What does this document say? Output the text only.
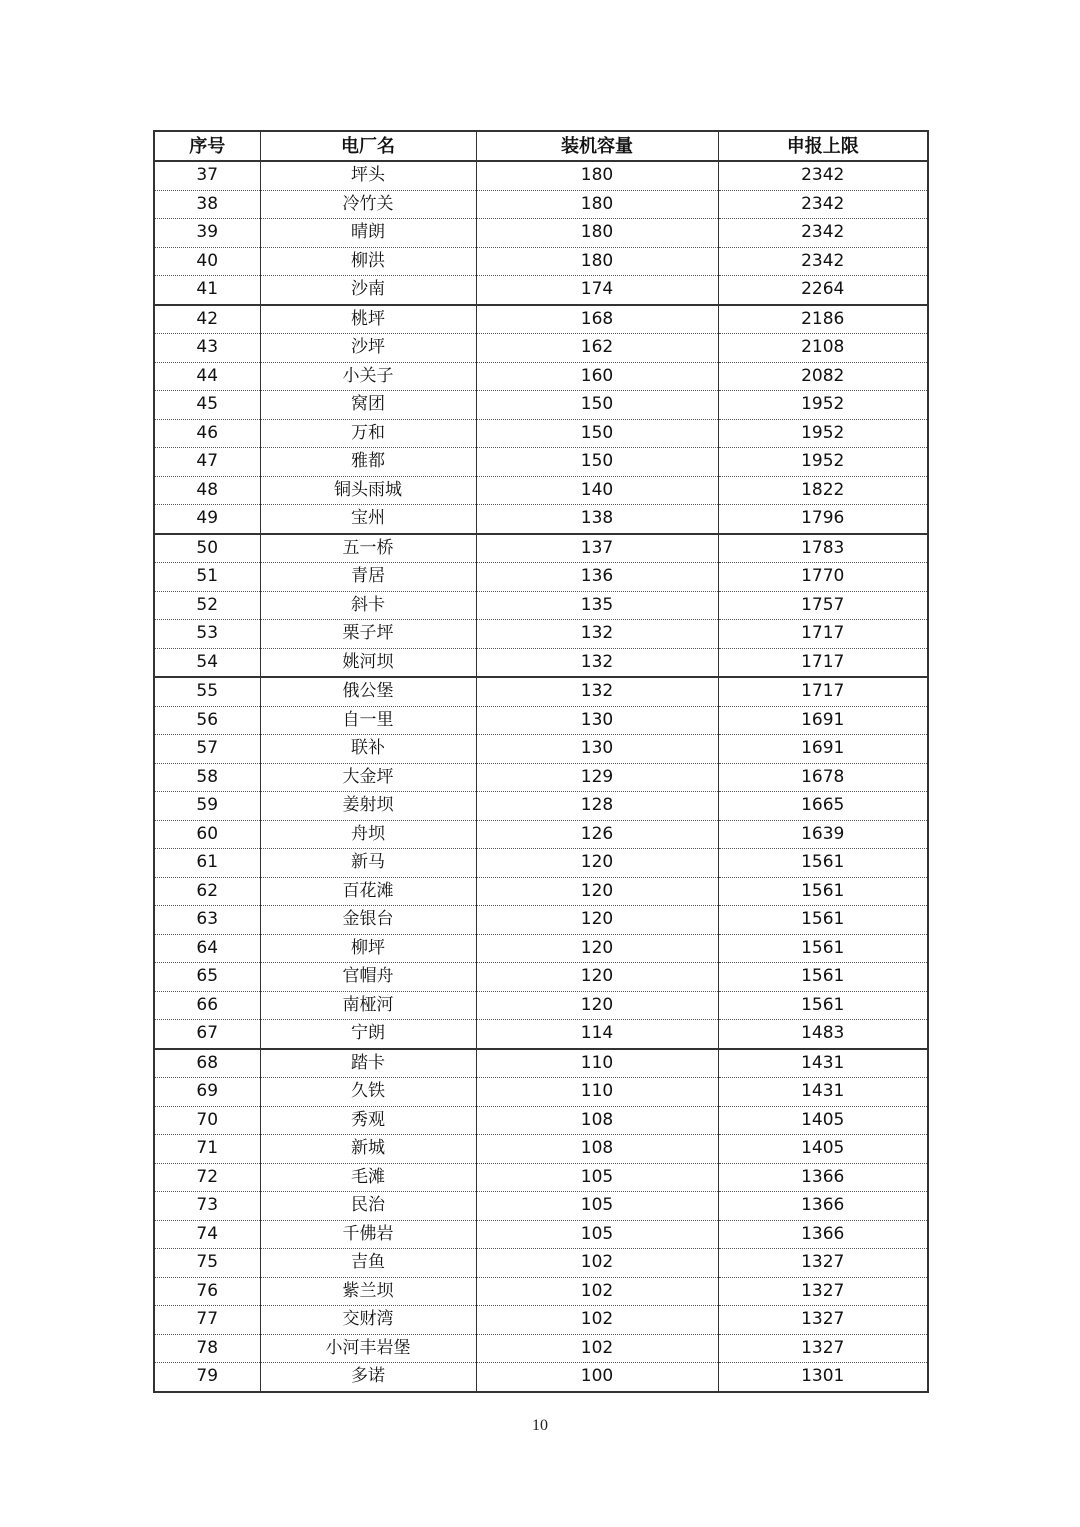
序号	电厂名	装机容量	申报上限
37	坪头	180	2342
38	冷竹关	180	2342
39	晴朗	180	2342
40	柳洪	180	2342
41	沙南	174	2264
42	桃坪	168	2186
43	沙坪	162	2108
44	小关子	160	2082
45	窝团	150	1952
46	万和	150	1952
47	雅都	150	1952
48	铜头雨城	140	1822
49	宝州	138	1796
50	五一桥	137	1783
51	青居	136	1770
52	斜卡	135	1757
53	栗子坪	132	1717
54	姚河坝	132	1717
55	俄公堡	132	1717
56	自一里	130	1691
57	联补	130	1691
58	大金坪	129	1678
59	姜射坝	128	1665
60	舟坝	126	1639
61	新马	120	1561
62	百花滩	120	1561
63	金银台	120	1561
64	柳坪	120	1561
65	官帽舟	120	1561
66	南桠河	120	1561
67	宁朗	114	1483
68	踏卡	110	1431
69	久铁	110	1431
70	秀观	108	1405
71	新城	108	1405
72	毛滩	105	1366
73	民治	105	1366
74	千佛岩	105	1366
75	吉鱼	102	1327
76	紫兰坝	102	1327
77	交财湾	102	1327
78	小河丰岩堡	102	1327
79	多诺	100	1301
10
